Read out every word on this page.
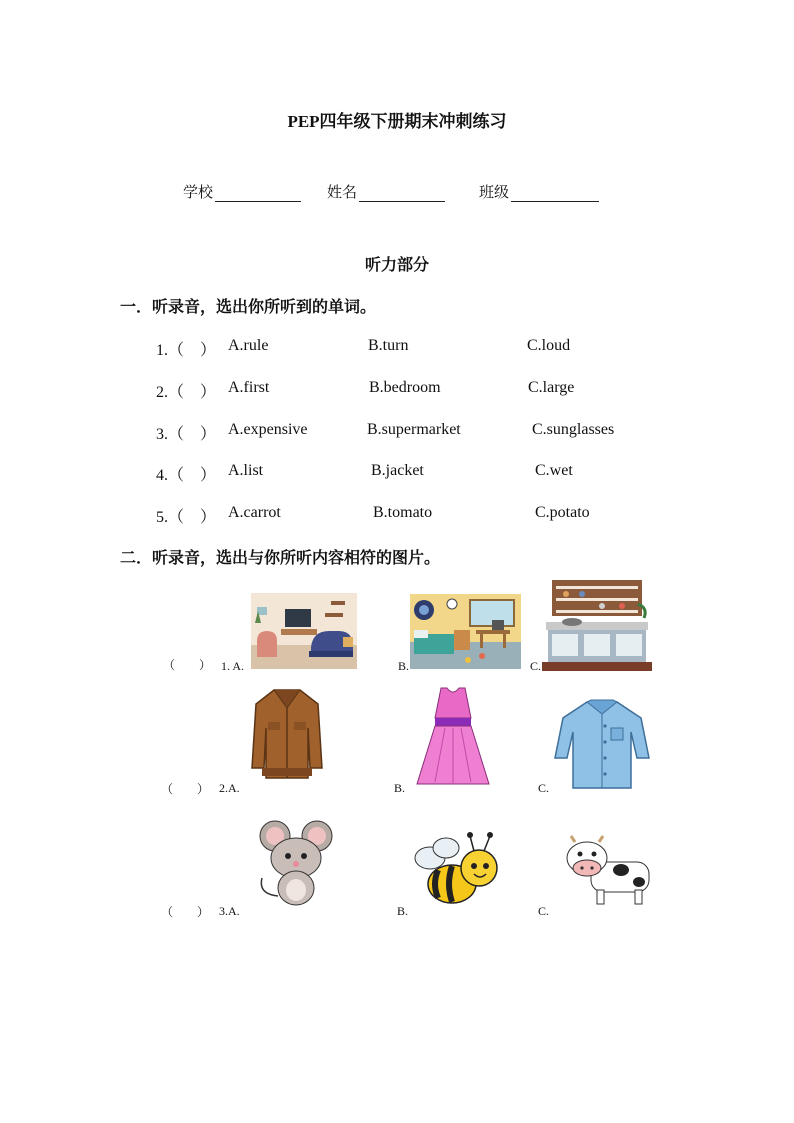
PEP四年级下册期末冲刺练习
学校	姓名	班级
听力部分
一．听录音，选出你所听到的单词。
1.（　） A.rule	B.turn	C.loud
2.（　） A.first	B.bedroom	C.large
3.（　） A.expensive	B.supermarket	C.sunglasses
4.（　） A.list	B.jacket	C.wet
5.（　） A.carrot	B.tomato	C.potato
二．听录音，选出与你所听内容相符的图片。
（　　） 1. A.	B.	C.
（　　） 2.A.	B.	C.
（　　） 3.A.	B.	C.
